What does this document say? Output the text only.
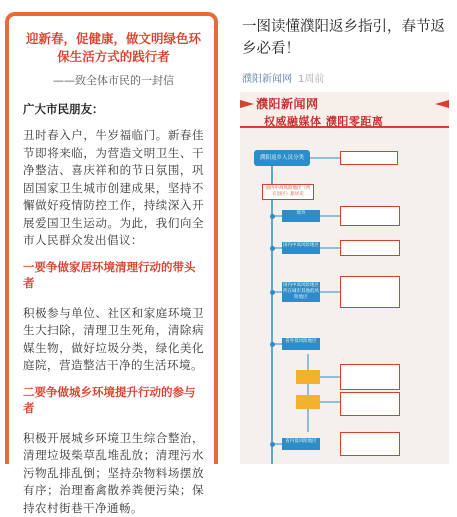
迎新春，促健康，做文明绿色环保生活方式的践行者

——致全体市民的一封信

广大市民朋友：

丑时春入户，牛岁福临门。新春佳节即将来临，为营造文明卫生、干净整洁、喜庆祥和的节日氛围，巩固国家卫生城市创建成果，坚持不懈做好疫情防控工作，持续深入开展爱国卫生运动。为此，我们向全市人民群众发出倡议：

一要争做家居环境清理行动的带头者

积极参与单位、社区和家庭环境卫生大扫除，清理卫生死角，清除病媒生物，做好垃圾分类，绿化美化庭院，营造整洁干净的生活环境。

二要争做城乡环境提升行动的参与者

积极开展城乡环境卫生综合整治，清理垃圾柴草乱堆乱放；清理污水污物乱排乱倒；坚持杂物料场摆放有序；治理畜禽散养粪便污染；保持农村街巷干净通畅。

一图读懂濮阳返乡指引，春节返乡必看！
濮阳新闻网 1周前
濮阳新闻网
权威融媒体 濮阳零距离
濮阳返乡人员分类
国内中高风险地区（所在县区）旅居史
境外
国内中高风险地区
国内中高风险地区所在城市其他低风险地区
省外低风险地区
省内低风险地区
